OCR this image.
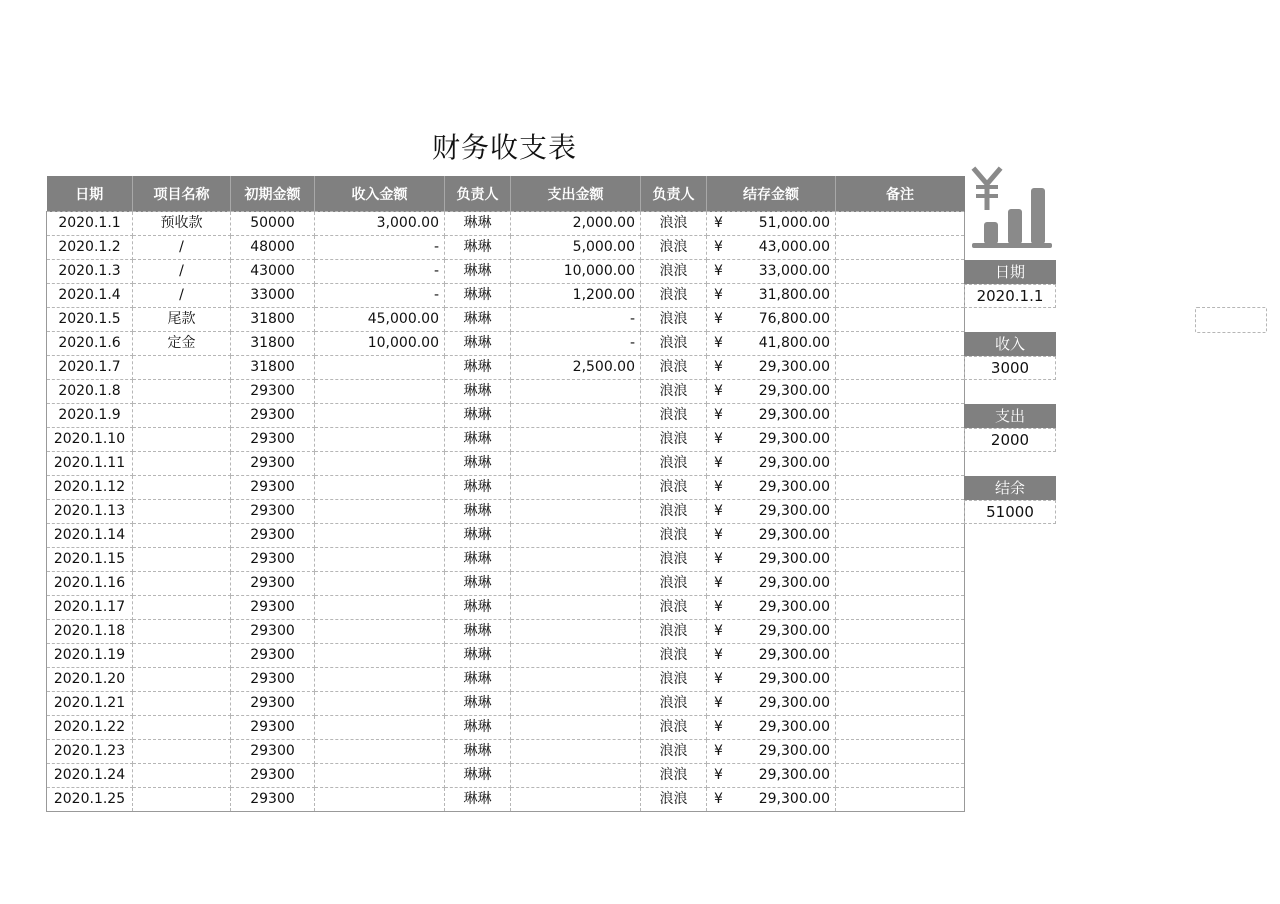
财务收支表
日期	项目名称	初期金额	收入金额	负责人	支出金额	负责人	结存金额	备注
2020.1.1	预收款	50000	3,000.00	琳琳	2,000.00	浪浪	¥ 51,000.00	
2020.1.2	/	48000	-	琳琳	5,000.00	浪浪	¥ 43,000.00	
2020.1.3	/	43000	-	琳琳	10,000.00	浪浪	¥ 33,000.00	
2020.1.4	/	33000	-	琳琳	1,200.00	浪浪	¥ 31,800.00	
2020.1.5	尾款	31800	45,000.00	琳琳	-	浪浪	¥ 76,800.00	
2020.1.6	定金	31800	10,000.00	琳琳	-	浪浪	¥ 41,800.00	
2020.1.7		31800		琳琳	2,500.00	浪浪	¥ 29,300.00	
2020.1.8		29300		琳琳		浪浪	¥ 29,300.00	
2020.1.9		29300		琳琳		浪浪	¥ 29,300.00	
2020.1.10		29300		琳琳		浪浪	¥ 29,300.00	
2020.1.11		29300		琳琳		浪浪	¥ 29,300.00	
2020.1.12		29300		琳琳		浪浪	¥ 29,300.00	
2020.1.13		29300		琳琳		浪浪	¥ 29,300.00	
2020.1.14		29300		琳琳		浪浪	¥ 29,300.00	
2020.1.15		29300		琳琳		浪浪	¥ 29,300.00	
2020.1.16		29300		琳琳		浪浪	¥ 29,300.00	
2020.1.17		29300		琳琳		浪浪	¥ 29,300.00	
2020.1.18		29300		琳琳		浪浪	¥ 29,300.00	
2020.1.19		29300		琳琳		浪浪	¥ 29,300.00	
2020.1.20		29300		琳琳		浪浪	¥ 29,300.00	
2020.1.21		29300		琳琳		浪浪	¥ 29,300.00	
2020.1.22		29300		琳琳		浪浪	¥ 29,300.00	
2020.1.23		29300		琳琳		浪浪	¥ 29,300.00	
2020.1.24		29300		琳琳		浪浪	¥ 29,300.00	
2020.1.25		29300		琳琳		浪浪	¥ 29,300.00	
日期
2020.1.1
收入
3000
支出
2000
结余
51000
